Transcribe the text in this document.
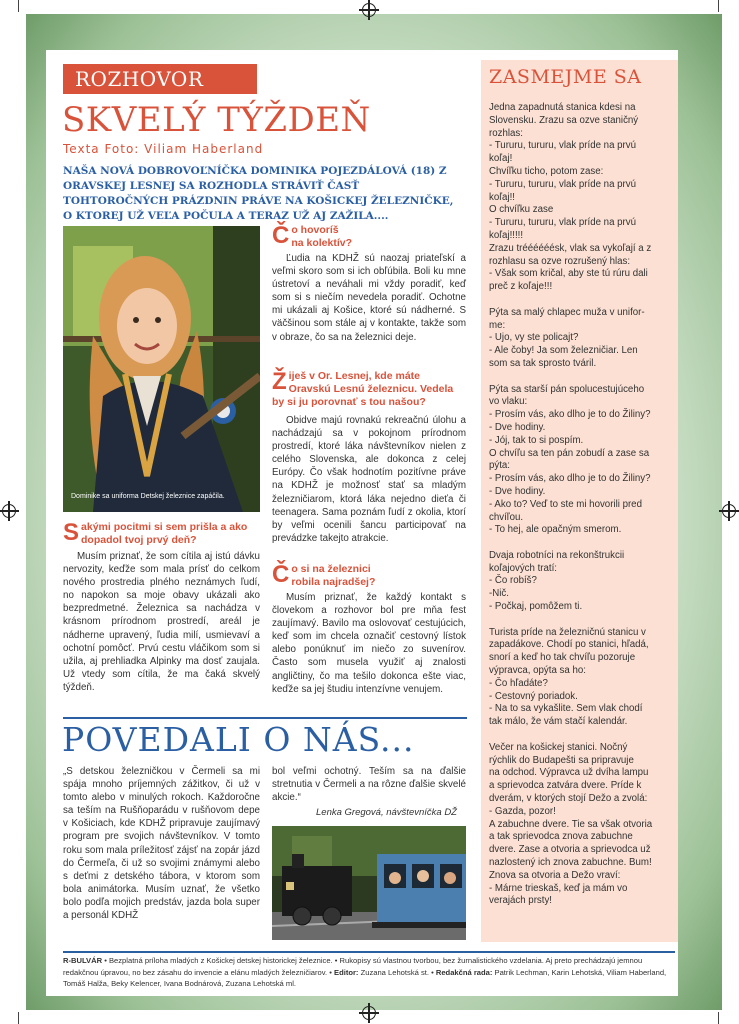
ROZHOVOR
SKVELÝ TÝŽDEŇ
Texta Foto: Viliam Haberland
NAŠA NOVÁ DOBROVOĽNÍČKA DOMINIKA POJEZDÁLOVÁ (18) Z ORAVSKEJ LESNEJ SA ROZHODLA STRÁVIŤ ČASŤ TOHTOROČNÝCH PRÁZDNIN PRÁVE NA KOŠICKEJ ŽELEZNIČKE, O KTOREJ UŽ VEĽA POČULA A TERAZ UŽ AJ ZAŽILA....
Dominike sa uniforma Detskej železnice zapáčila.
Č o hovoríš
na kolektív?

Ľudia na KDHŽ sú naozaj priateľskí a veľmi skoro som si ich obľúbila. Boli ku mne ústretoví a neváhali mi vždy poradiť, keď som si s niečím nevedela poradiť. Ochotne mi ukázali aj Košice, ktoré sú nádherné. S väčšinou som stále aj v kontakte, takže som v obraze, čo sa na železnici deje.

Ž iješ v Or. Lesnej, kde máte
Oravskú Lesnú železnicu. Vedela
by si ju porovnať s tou našou?

Obidve majú rovnakú rekreačnú úlohu a nachádzajú sa v pokojnom prírodnom prostredí, ktoré láka návštevníkov nielen z celého Slovenska, ale dokonca z celej Európy. Čo však hodnotím pozitívne práve na KDHŽ je možnosť stať sa mladým železničiarom, ktorá láka nejedno dieťa či teenagera. Sama poznám ľudí z okolia, ktorí by veľmi ocenili šancu participovať na prevádzke takejto atrakcie.

Č o si na železnici
robila najradšej?

Musím priznať, že každý kontakt s človekom a rozhovor bol pre mňa fest zaujímavý. Bavilo ma oslovovať cestujúcich, keď som im chcela označiť cestovný lístok alebo ponúknuť im niečo zo suvenírov. Často som musela využiť aj znalosti angličtiny, čo ma tešilo dokonca ešte viac, keďže sa jej študiu intenzívne venujem.

S akými pocitmi si sem prišla a ako
dopadol tvoj prvý deň?

Musím priznať, že som cítila aj istú dávku nervozity, keďže som mala prísť do celkom nového prostredia plného neznámych ľudí, no napokon sa moje obavy ukázali ako bezpredmetné. Železnica sa nachádza v krásnom prírodnom prostredí, areál je nádherne upravený, ľudia milí, usmievaví a ochotní pomôcť. Prvú cestu vláčikom som si užila, aj prehliadka Alpinky ma dosť zaujala. Už vtedy som cítila, že ma čaká skvelý týždeň.

ZASMEJME SA
Jedna zapadnutá stanica kdesi na
Slovensku. Zrazu sa ozve staničný
rozhlas:
- Tururu, tururu, vlak príde na prvú
koľaj!
Chvíľku ticho, potom zase:
- Tururu, tururu, vlak príde na prvú
koľaj!!
O chvíľku zase
- Tururu, tururu, vlak príde na prvú
koľaj!!!!!
Zrazu tréééééésk, vlak sa vykoľají a z
rozhlasu sa ozve rozrušený hlas:
- Však som kričal, aby ste tú rúru dali
preč z koľaje!!!
Pýta sa malý chlapec muža v unifor-
me:
- Ujo, vy ste policajt?
- Ale čoby! Ja som železničiar. Len
som sa tak sprosto tváril.
Pýta sa starší pán spolucestujúceho
vo vlaku:
- Prosím vás, ako dlho je to do Žiliny?
- Dve hodiny.
- Jój, tak to si pospím.
O chvíľu sa ten pán zobudí a zase sa
pýta:
- Prosím vás, ako dlho je to do Žiliny?
- Dve hodiny.
- Ako to? Veď to ste mi hovorili pred
chvíľou.
- To hej, ale opačným smerom.
Dvaja robotníci na rekonštrukcii
koľajových tratí:
- Čo robíš?
-Nič.
- Počkaj, pomôžem ti.
Turista príde na železničnú stanicu v
zapadákove. Chodí po stanici, hľadá,
snorí a keď ho tak chvíľu pozoruje
výpravca, opýta sa ho:
- Čo hľadáte?
- Cestovný poriadok.
- Na to sa vykašlite. Sem vlak chodí
tak málo, že vám stačí kalendár.
Večer na košickej stanici. Nočný
rýchlik do Budapešti sa pripravuje
na odchod. Výpravca už dvíha lampu
a sprievodca zatvára dvere. Príde k
dverám, v ktorých stojí Dežo a zvolá:
- Gazda, pozor!
A zabuchne dvere. Tie sa však otvoria
a tak sprievodca znova zabuchne
dvere. Zase a otvoria a sprievodca už
nazlostený ich znova zabuchne. Bum!
Znova sa otvoria a Dežo vraví:
- Márne trieskaš, keď ja mám vo
verajách prsty!
POVEDALI O NÁS...

„S detskou železničkou v Čermeli sa mi spája mnoho príjemných zážitkov, či už v tomto alebo v minulých rokoch. Každoročne sa teším na Rušňoparádu v rušňovom depe v Košiciach, kde KDHŽ pripravuje zaujímavý program pre svojich návštevníkov. V tomto roku som mala príležitosť zájsť na zopár jázd do Čermeľa, či už so svojimi známymi alebo s deťmi z detského tábora, v ktorom som bola animátorka. Musím uznať, že všetko bolo podľa mojich predstáv, jazda bola super a personál KDHŽ

bol veľmi ochotný. Teším sa na ďalšie stretnutia v Čermeli a na rôzne ďalšie skvelé akcie.“

Lenka Gregová, návštevníčka DŽ
R-BULVÁR • Bezplatná príloha mladých z Košickej detskej historickej železnice. • Rukopisy sú vlastnou tvorbou, bez žurnalistického vzdelania. Aj preto prechádzajú jemnou redakčnou úpravou, no bez zásahu do invencie a elánu mladých železničiarov. • Editor: Zuzana Lehotská st. • Redakčná rada: Patrik Lechman, Karin Lehotská, Viliam Haberland, Tomáš Halža, Beky Kelencer, Ivana Bodnárová, Zuzana Lehotská ml.
